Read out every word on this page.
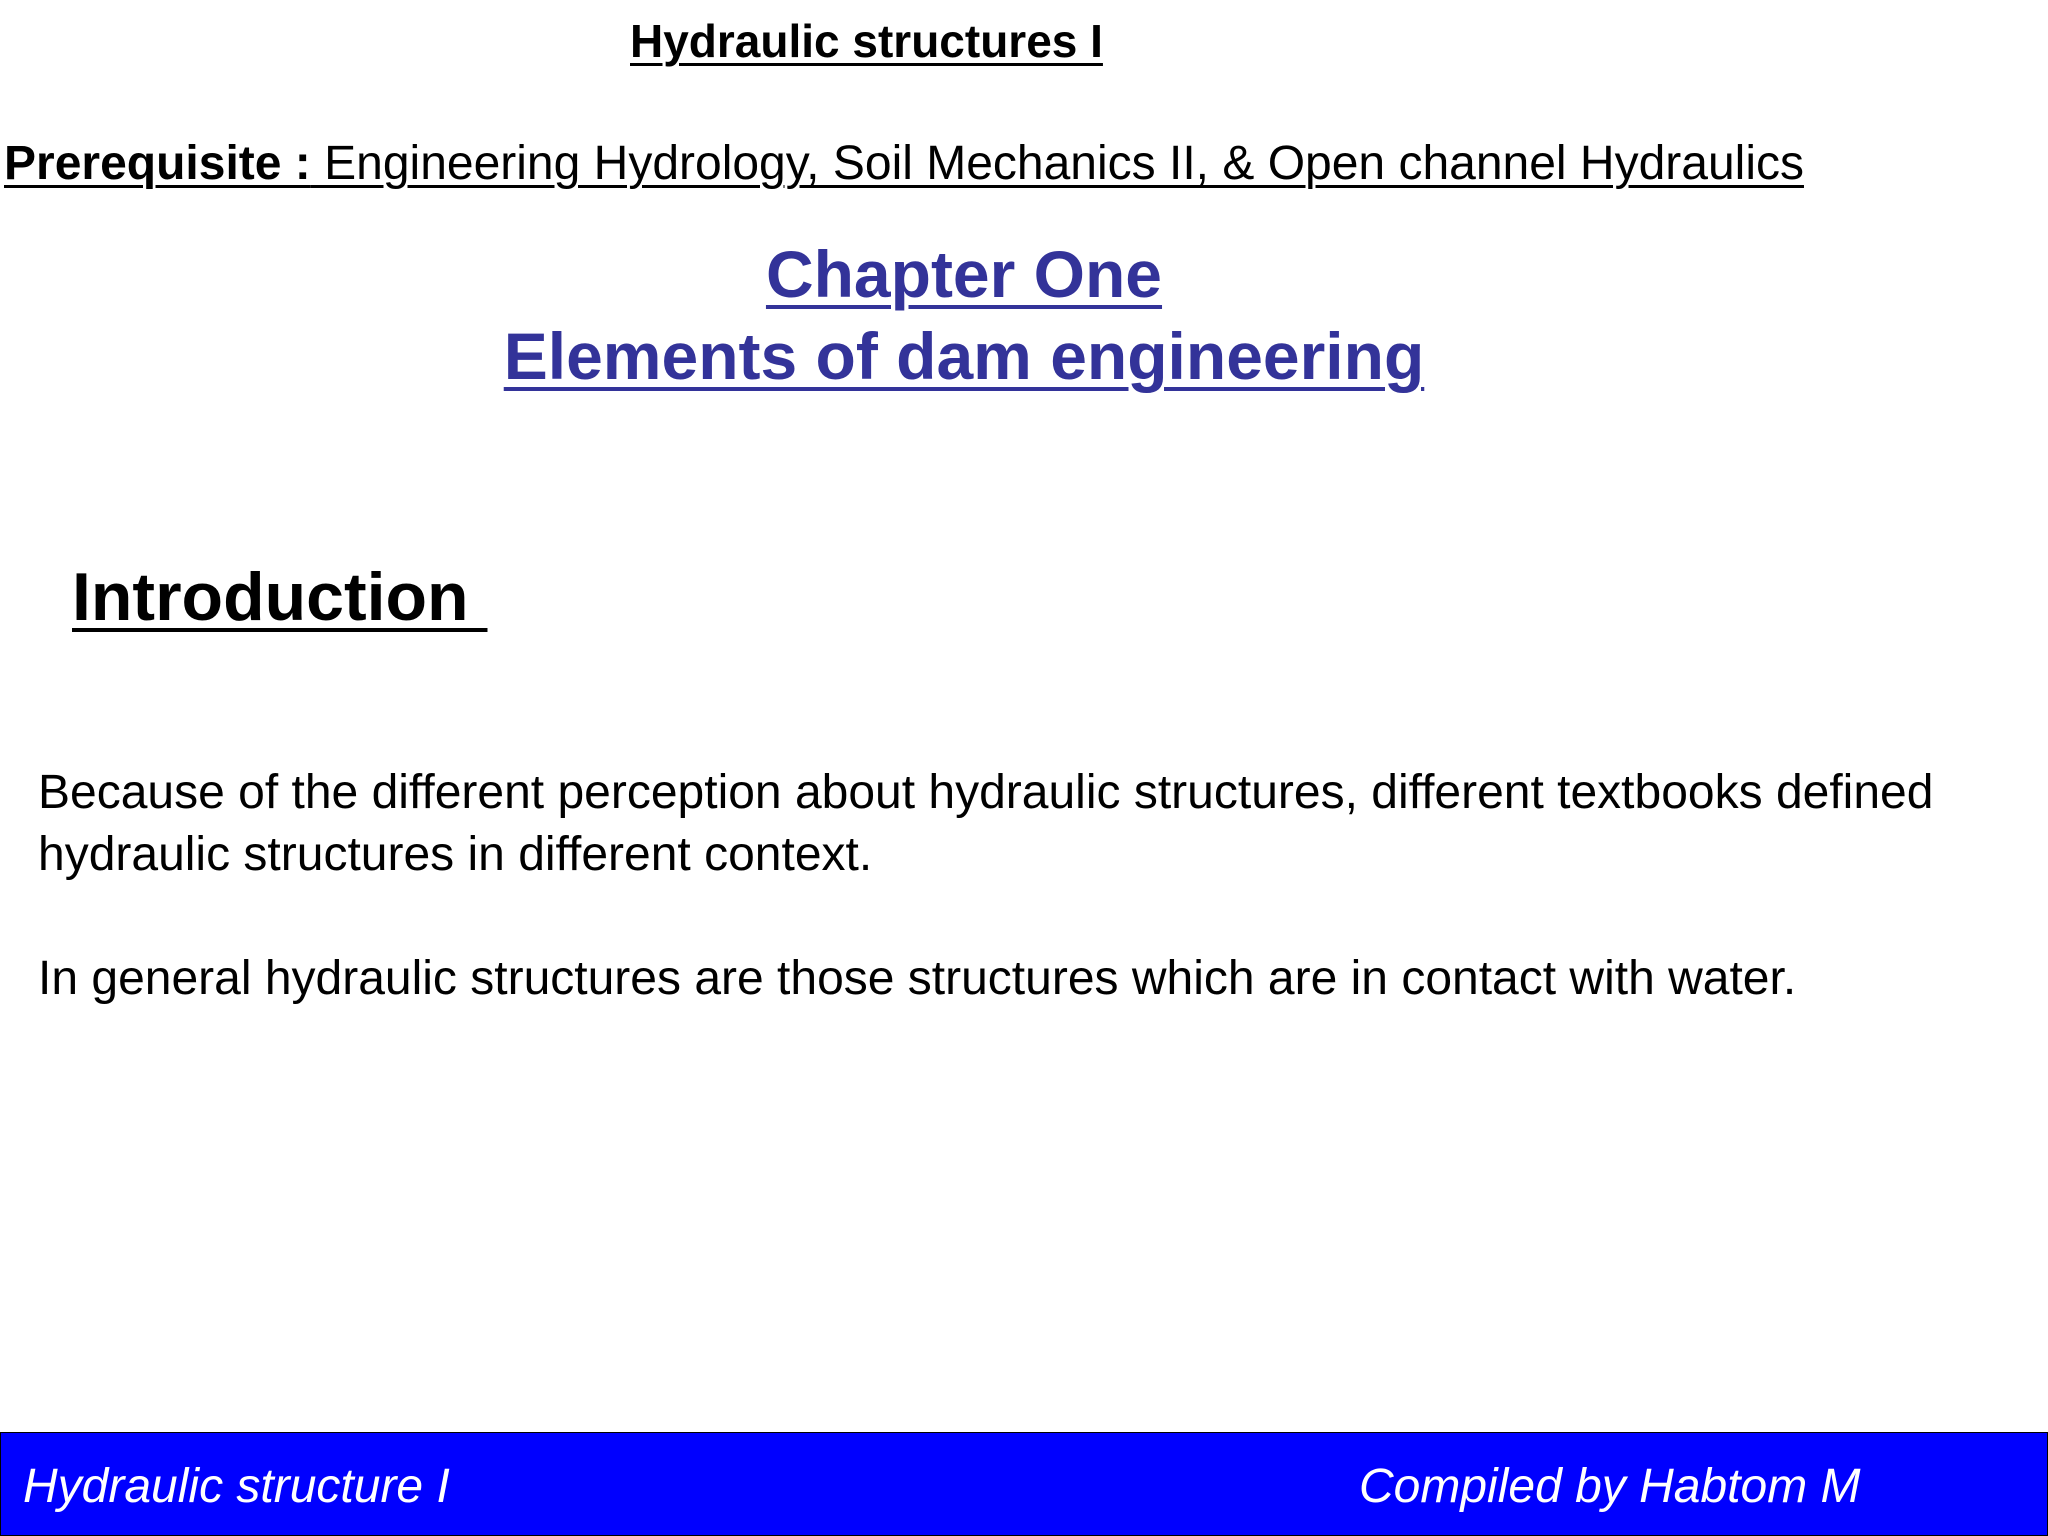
Hydraulic structures I
Prerequisite : Engineering Hydrology, Soil Mechanics II, & Open channel Hydraulics
Chapter One
Elements of dam engineering
Introduction
Because of the different perception about hydraulic structures, different textbooks defined hydraulic structures in different context.
In general hydraulic structures are those structures which are in contact with water.
Hydraulic structure I	Compiled by Habtom M
